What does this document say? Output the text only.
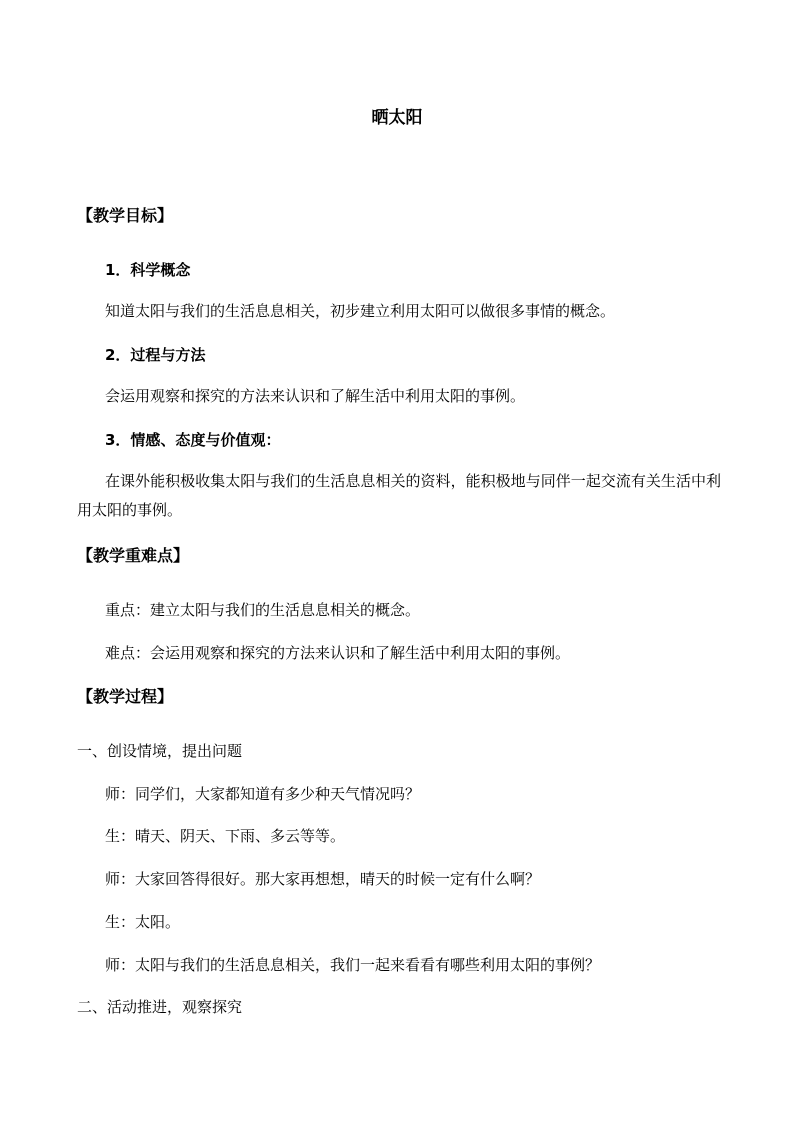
晒太阳
【教学目标】
1．科学概念
知道太阳与我们的生活息息相关，初步建立利用太阳可以做很多事情的概念。
2．过程与方法
会运用观察和探究的方法来认识和了解生活中利用太阳的事例。
3．情感、态度与价值观：
在课外能积极收集太阳与我们的生活息息相关的资料，能积极地与同伴一起交流有关生活中利用太阳的事例。
【教学重难点】
重点：建立太阳与我们的生活息息相关的概念。
难点：会运用观察和探究的方法来认识和了解生活中利用太阳的事例。
【教学过程】
一、创设情境，提出问题
师：同学们，大家都知道有多少种天气情况吗？
生：晴天、阴天、下雨、多云等等。
师：大家回答得很好。那大家再想想，晴天的时候一定有什么啊？
生：太阳。
师：太阳与我们的生活息息相关，我们一起来看看有哪些利用太阳的事例？
二、活动推进，观察探究
